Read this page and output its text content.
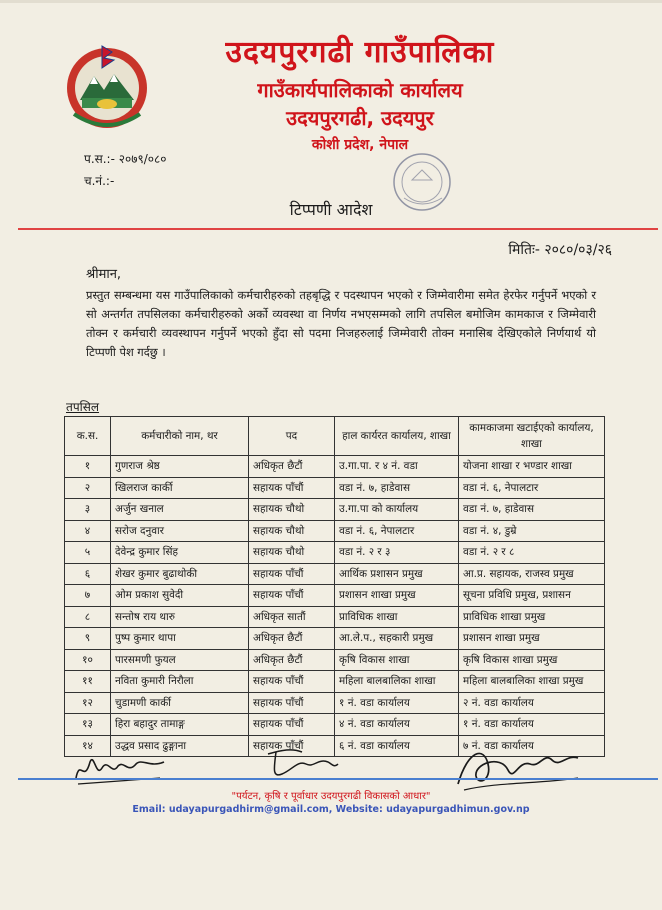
उदयपुरगढी गाउँपालिका
गाउँकार्यपालिकाको कार्यालय
उदयपुरगढी, उदयपुर
कोशी प्रदेश, नेपाल
प.स.:- २०७९/०८०
च.नं.:-
टिप्पणी आदेश
मितिः- २०८०/०३/२६
श्रीमान,
प्रस्तुत सम्बन्धमा यस गाउँपालिकाको कर्मचारीहरुको तहबृद्धि र पदस्थापन भएको र जिम्मेवारीमा समेत हेरफेर गर्नुपर्ने भएको र सो अन्तर्गत तपसिलका कर्मचारीहरुको अर्को व्यवस्था वा निर्णय नभएसम्मको लागि तपसिल बमोजिम कामकाज र जिम्मेवारी तोक्न र कर्मचारी व्यवस्थापन गर्नुपर्ने भएको हुँदा सो पदमा निजहरुलाई जिम्मेवारी तोक्न मनासिब देखिएकोले निर्णयार्थ यो टिप्पणी पेश गर्दछु ।
तपसिल
क.स.	कर्मचारीको नाम, थर	पद	हाल कार्यरत कार्यालय, शाखा	कामकाजमा खटाईएको कार्यालय, शाखा
१	गुणराज श्रेष्ठ	अधिकृत छैटौं	उ.गा.पा. र ४ नं. वडा	योजना शाखा र भण्डार शाखा
२	खिलराज कार्की	सहायक पाँचौं	वडा नं. ७, हाडेवास	वडा नं. ६, नेपालटार
३	अर्जुन खनाल	सहायक चौथो	उ.गा.पा को कार्यालय	वडा नं. ७, हाडेवास
४	सरोज दनुवार	सहायक चौथो	वडा नं. ६, नेपालटार	वडा नं. ४, डुम्रे
५	देवेन्द्र कुमार सिंह	सहायक चौथो	वडा नं. २ र ३	वडा नं. २ र ८
६	शेखर कुमार बुढाथोकी	सहायक पाँचौं	आर्थिक प्रशासन प्रमुख	आ.प्र. सहायक, राजस्व प्रमुख
७	ओम प्रकाश सुवेदी	सहायक पाँचौं	प्रशासन शाखा प्रमुख	सूचना प्रविधि प्रमुख, प्रशासन
८	सन्तोष राय थारु	अधिकृत सातौं	प्राविधिक शाखा	प्राविधिक शाखा प्रमुख
९	पुष्प कुमार थापा	अधिकृत छैटौं	आ.ले.प., सहकारी प्रमुख	प्रशासन शाखा प्रमुख
१०	पारसमणी फुयल	अधिकृत छैटौं	कृषि विकास शाखा	कृषि विकास शाखा प्रमुख
११	नविता कुमारी निरौला	सहायक पाँचौं	महिला बालबालिका शाखा	महिला बालबालिका शाखा प्रमुख
१२	चुडामणी कार्की	सहायक पाँचौं	१ नं. वडा कार्यालय	२ नं. वडा कार्यालय
१३	हिरा बहादुर तामाङ्ग	सहायक पाँचौं	४ नं. वडा कार्यालय	१ नं. वडा कार्यालय
१४	उद्धव प्रसाद ढुङ्गाना	सहायक पाँचौं	६ नं. वडा कार्यालय	७ नं. वडा कार्यालय
"पर्यटन, कृषि र पूर्वाधार उदयपुरगढी विकासको आधार"
Email: udayapurgadhirm@gmail.com, Website: udayapurgadhimun.gov.np
